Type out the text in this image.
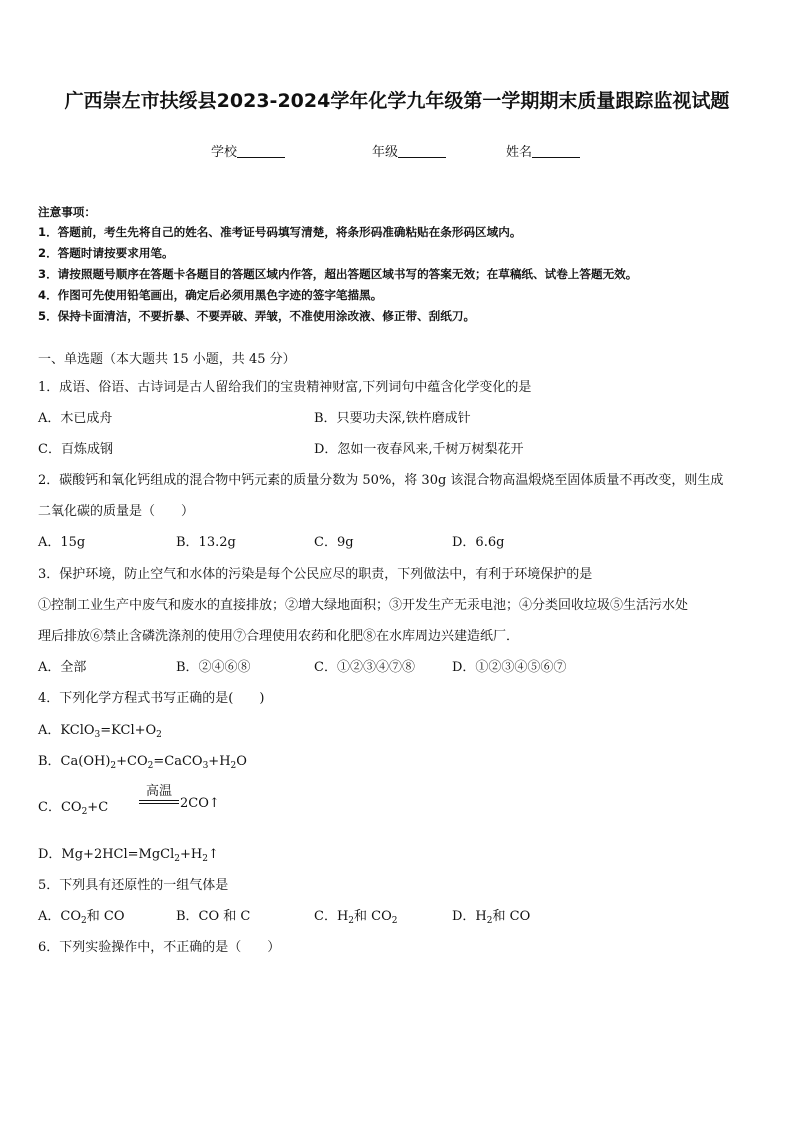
广西崇左市扶绥县2023-2024学年化学九年级第一学期期末质量跟踪监视试题
学校	年级	姓名
注意事项：
1．答题前，考生先将自己的姓名、准考证号码填写清楚，将条形码准确粘贴在条形码区域内。
2．答题时请按要求用笔。
3．请按照题号顺序在答题卡各题目的答题区域内作答，超出答题区域书写的答案无效；在草稿纸、试卷上答题无效。
4．作图可先使用铅笔画出，确定后必须用黑色字迹的签字笔描黑。
5．保持卡面清洁，不要折暴、不要弄破、弄皱，不准使用涂改液、修正带、刮纸刀。
一、单选题（本大题共 15 小题，共 45 分）
1．成语、俗语、古诗词是古人留给我们的宝贵精神财富,下列词句中蕴含化学变化的是
A．木已成舟	B．只要功夫深,铁杵磨成针
C．百炼成钢	D．忽如一夜春风来,千树万树梨花开
2．碳酸钙和氧化钙组成的混合物中钙元素的质量分数为 50%，将 30g 该混合物高温煅烧至固体质量不再改变，则生成
二氧化碳的质量是（　　）
A．15g	B．13.2g	C．9g	D．6.6g
3．保护环境，防止空气和水体的污染是每个公民应尽的职责，下列做法中，有利于环境保护的是
①控制工业生产中废气和废水的直接排放；②增大绿地面积；③开发生产无汞电池；④分类回收垃圾⑤生活污水处
理后排放⑥禁止含磷洗涤剂的使用⑦合理使用农药和化肥⑧在水库周边兴建造纸厂．
A．全部	B．②④⑥⑧	C．①②③④⑦⑧	D．①②③④⑤⑥⑦
4．下列化学方程式书写正确的是(　　)
A．$KClO_3=KCl+O_2$
B．$Ca(OH)_2+CO_2=CaCO_3+H_2O$
C．$CO_2+C$
高温
2CO↑
D．$Mg+2HCl=MgCl_2+H_2↑$
5．下列具有还原性的一组气体是
A．$CO_2$和 CO	B．CO 和 C	C．$H_2$和 $CO_2$	D．$H_2$和 CO
6．下列实验操作中，不正确的是（　　）
